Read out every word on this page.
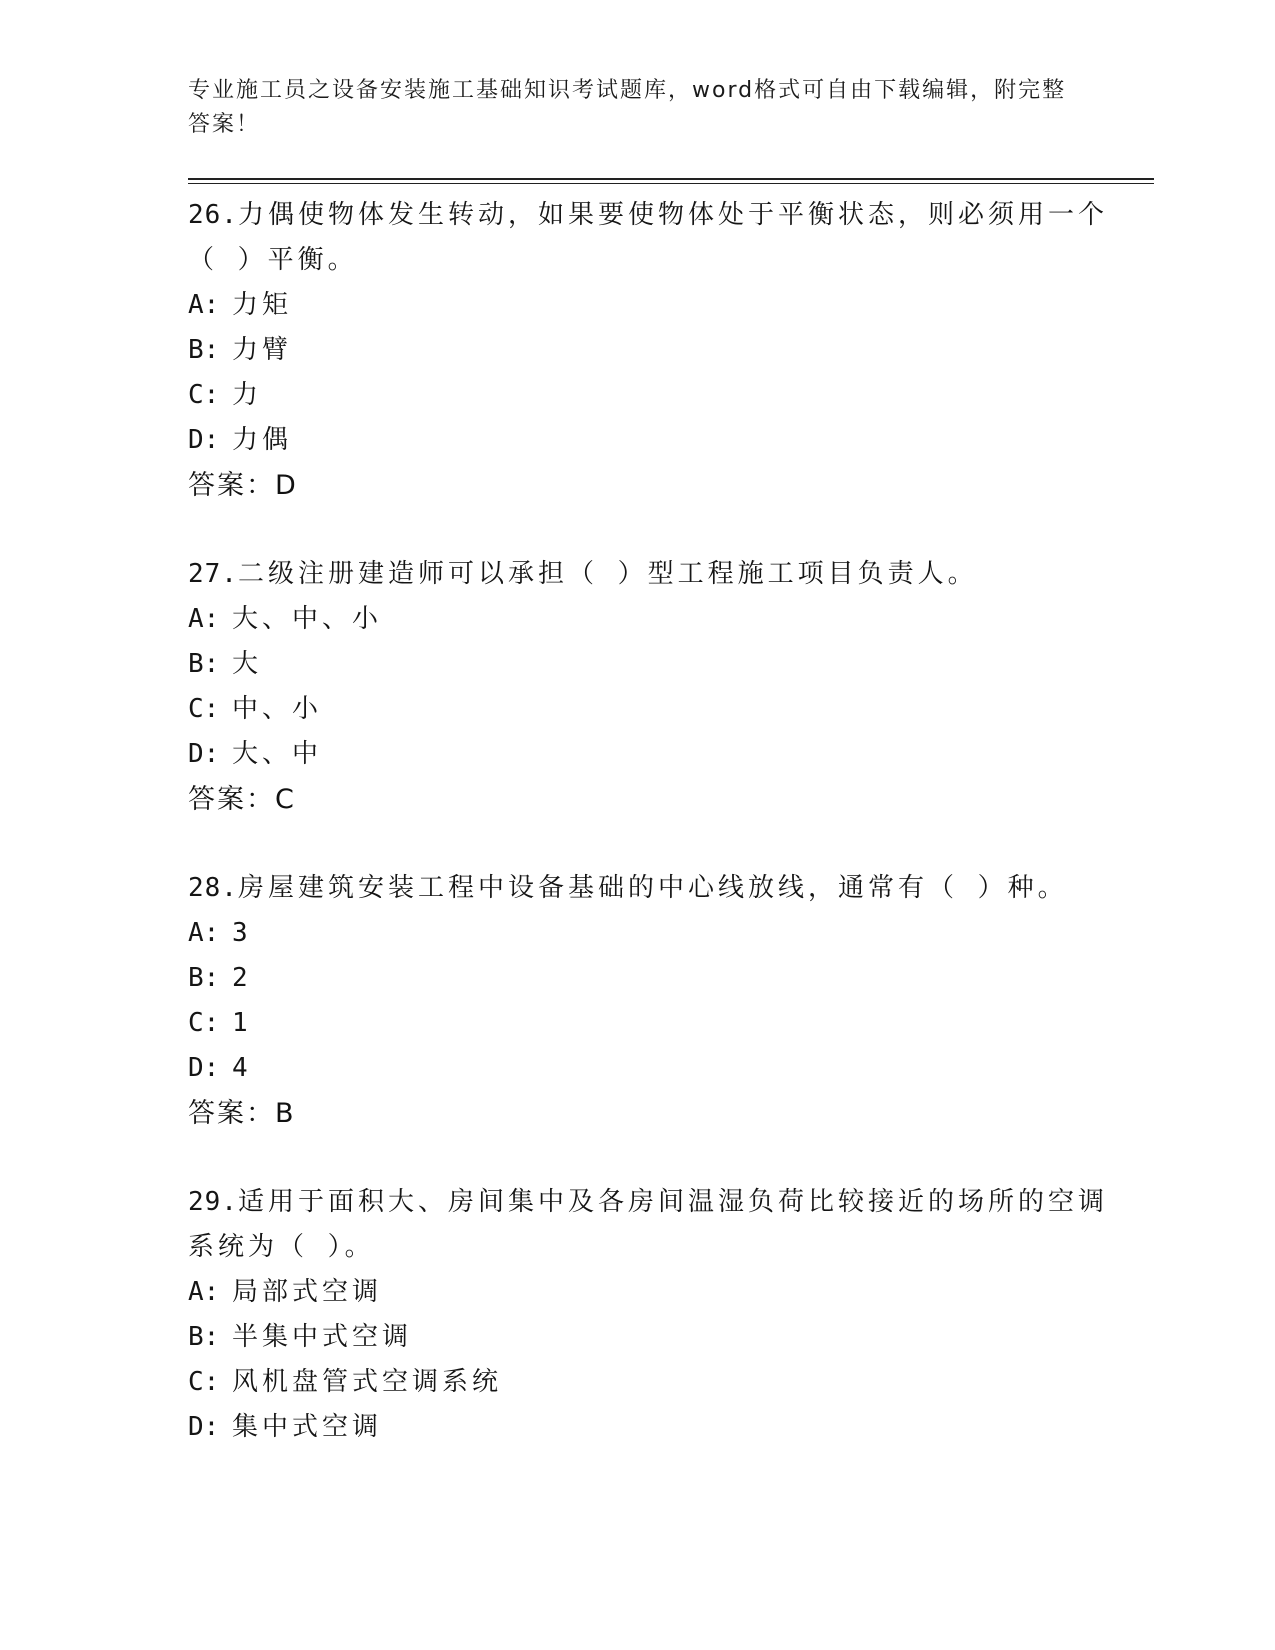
专业施工员之设备安装施工基础知识考试题库，word格式可自由下载编辑，附完整答案！
26.力偶使物体发生转动，如果要使物体处于平衡状态，则必须用一个（ ）平衡。
A: 力矩
B: 力臂
C: 力
D: 力偶
答案：D
27.二级注册建造师可以承担（ ）型工程施工项目负责人。
A: 大、中、小
B: 大
C: 中、小
D: 大、中
答案：C
28.房屋建筑安装工程中设备基础的中心线放线，通常有（ ）种。
A: 3
B: 2
C: 1
D: 4
答案：B
29.适用于面积大、房间集中及各房间温湿负荷比较接近的场所的空调系统为（ ）。
A: 局部式空调
B: 半集中式空调
C: 风机盘管式空调系统
D: 集中式空调
